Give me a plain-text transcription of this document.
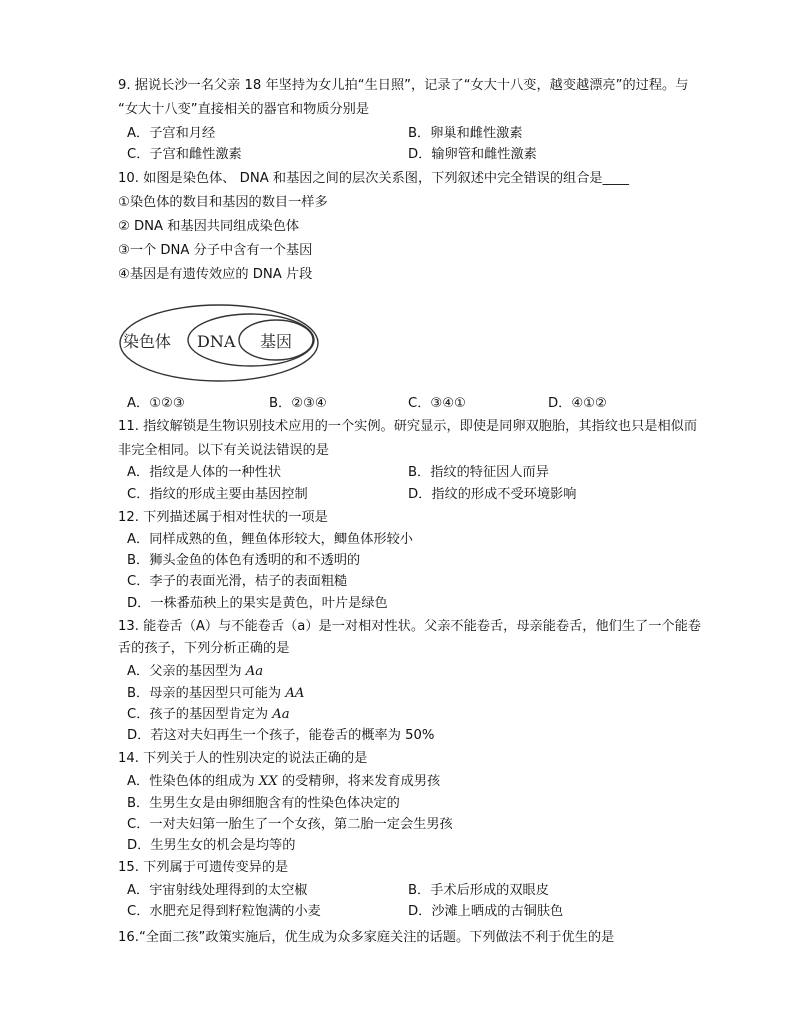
9. 据说长沙一名父亲 18 年坚持为女儿拍“生日照”，记录了“女大十八变，越变越漂亮”的过程。与
“女大十八变”直接相关的器官和物质分别是
A．子宫和月经	B．卵巢和雌性激素
C．子宫和雌性激素	D．输卵管和雌性激素
10. 如图是染色体、 DNA 和基因之间的层次关系图，下列叙述中完全错误的组合是____
①染色体的数目和基因的数目一样多
② DNA 和基因共同组成染色体
③一个 DNA 分子中含有一个基因
④基因是有遗传效应的 DNA 片段
染色体 DNA 基因
A．①②③	B．②③④	C．③④①	D．④①②
11. 指纹解锁是生物识别技术应用的一个实例。研究显示，即使是同卵双胞胎，其指纹也只是相似而
非完全相同。以下有关说法错误的是
A．指纹是人体的一种性状	B．指纹的特征因人而异
C．指纹的形成主要由基因控制	D．指纹的形成不受环境影响
12. 下列描述属于相对性状的一项是
A．同样成熟的鱼，鲤鱼体形较大，鲫鱼体形较小
B．狮头金鱼的体色有透明的和不透明的
C．李子的表面光滑，桔子的表面粗糙
D．一株番茄秧上的果实是黄色，叶片是绿色
13. 能卷舌（A）与不能卷舌（a）是一对相对性状。父亲不能卷舌，母亲能卷舌，他们生了一个能卷
舌的孩子，下列分析正确的是
A．父亲的基因型为 Aa
B．母亲的基因型只可能为 AA
C．孩子的基因型肯定为 Aa
D．若这对夫妇再生一个孩子，能卷舌的概率为 50%
14. 下列关于人的性别决定的说法正确的是
A．性染色体的组成为 XX 的受精卵，将来发育成男孩
B．生男生女是由卵细胞含有的性染色体决定的
C．一对夫妇第一胎生了一个女孩，第二胎一定会生男孩
D．生男生女的机会是均等的
15. 下列属于可遗传变异的是
A．宇宙射线处理得到的太空椒	B．手术后形成的双眼皮
C．水肥充足得到籽粒饱满的小麦	D．沙滩上晒成的古铜肤色
16.“全面二孩”政策实施后，优生成为众多家庭关注的话题。下列做法不利于优生的是
